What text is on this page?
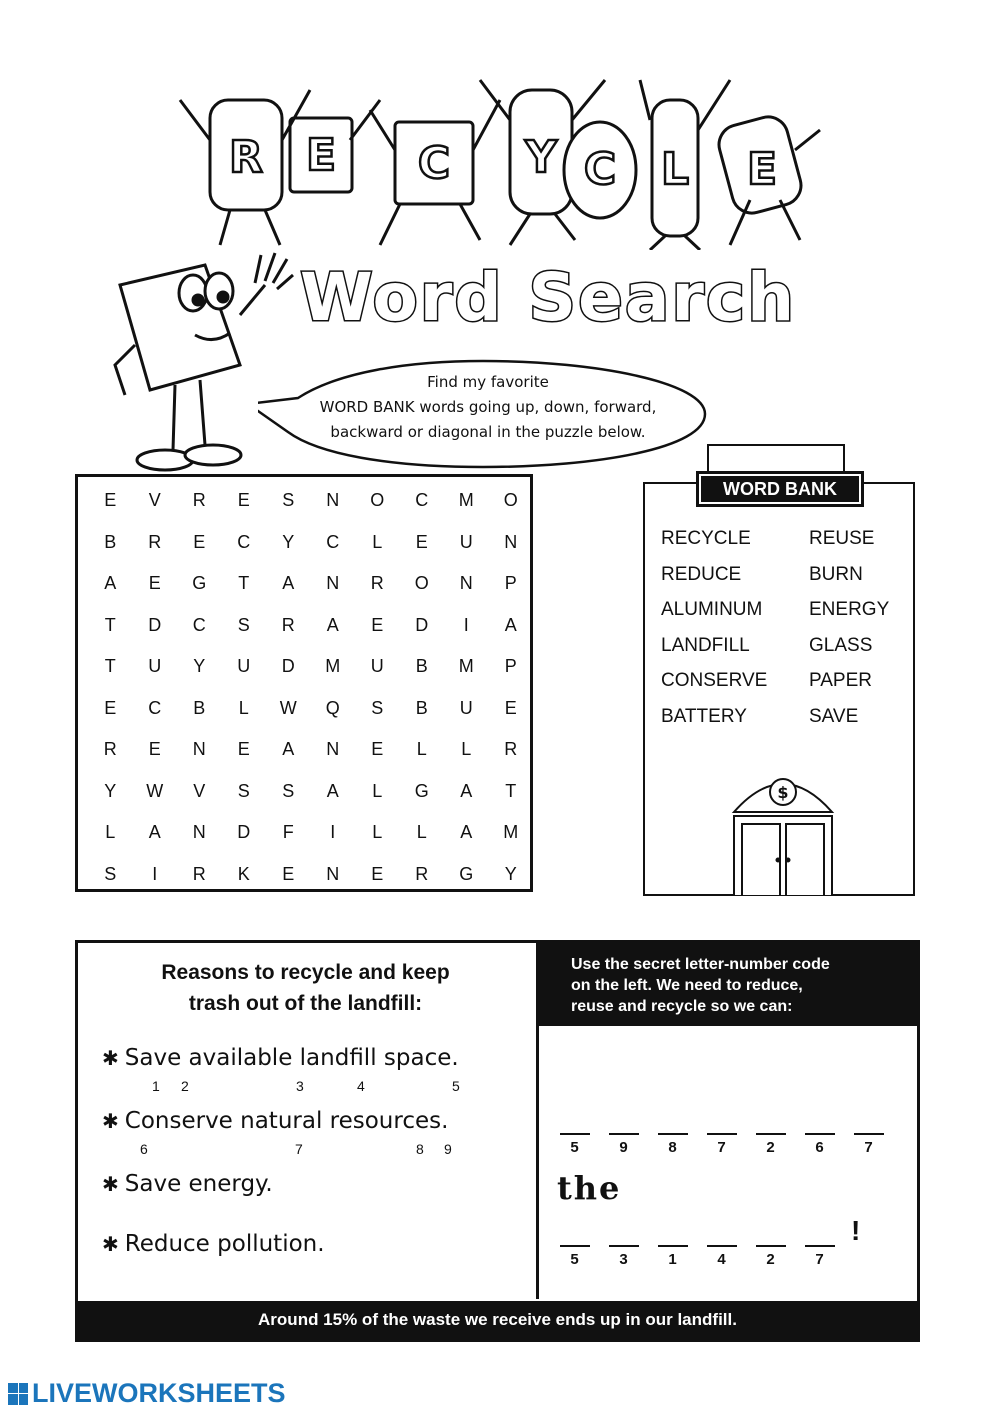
R E C Y C L E
Word Search
Find my favorite
WORD BANK words going up, down, forward,
backward or diagonal in the puzzle below.
E	V	R	E	S	N	O	C	M	O
B	R	E	C	Y	C	L	E	U	N
A	E	G	T	A	N	R	O	N	P
T	D	C	S	R	A	E	D	I	A
T	U	Y	U	D	M	U	B	M	P
E	C	B	L	W	Q	S	B	U	E
R	E	N	E	A	N	E	L	L	R
Y	W	V	S	S	A	L	G	A	T
L	A	N	D	F	I	L	L	A	M
S	I	R	K	E	N	E	R	G	Y
WORD BANK
RECYCLE	REUSE
REDUCE	BURN
ALUMINUM	ENERGY
LANDFILL	GLASS
CONSERVE	PAPER
BATTERY	SAVE
$
Reasons to recycle and keep
trash out of the landfill:
✱ Save available landfill space.
1 2	3	4	5
✱ Conserve natural resources.
6	7	8 9
✱ Save energy.
✱ Reduce pollution.
Use the secret letter-number code
on the left. We need to reduce,
reuse and recycle so we can:
5	9	8	7	2	6	7
the
5	3	1	4	2	7
!
Around 15% of the waste we receive ends up in our landfill.
LIVEWORKSHEETS
